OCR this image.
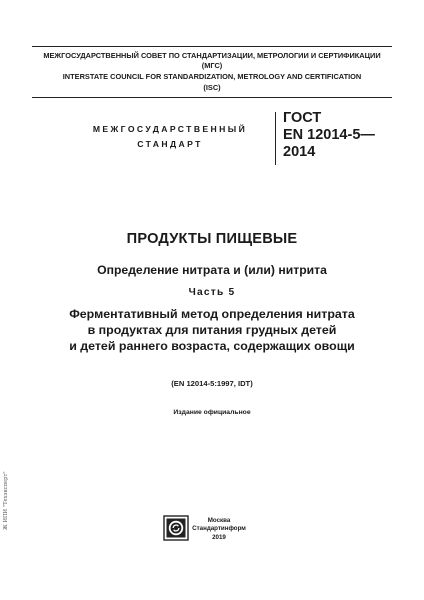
МЕЖГОСУДАРСТВЕННЫЙ СОВЕТ ПО СТАНДАРТИЗАЦИИ, МЕТРОЛОГИИ И СЕРТИФИКАЦИИ
(МГС)
INTERSTATE COUNCIL FOR STANDARDIZATION, METROLOGY AND CERTIFICATION
(ISC)
МЕЖГОСУДАРСТВЕННЫЙ
СТАНДАРТ
ГОСТ
EN 12014-5—
2014
ПРОДУКТЫ ПИЩЕВЫЕ
Определение нитрата и (или) нитрита
Часть 5
Ферментативный метод определения нитрата
в продуктах для питания грудных детей
и детей раннего возраста, содержащих овощи
(EN 12014-5:1997, IDT)
Издание официальное
Москва
Стандартинформ
2019
Ж ИПИ "Техэксперт"
